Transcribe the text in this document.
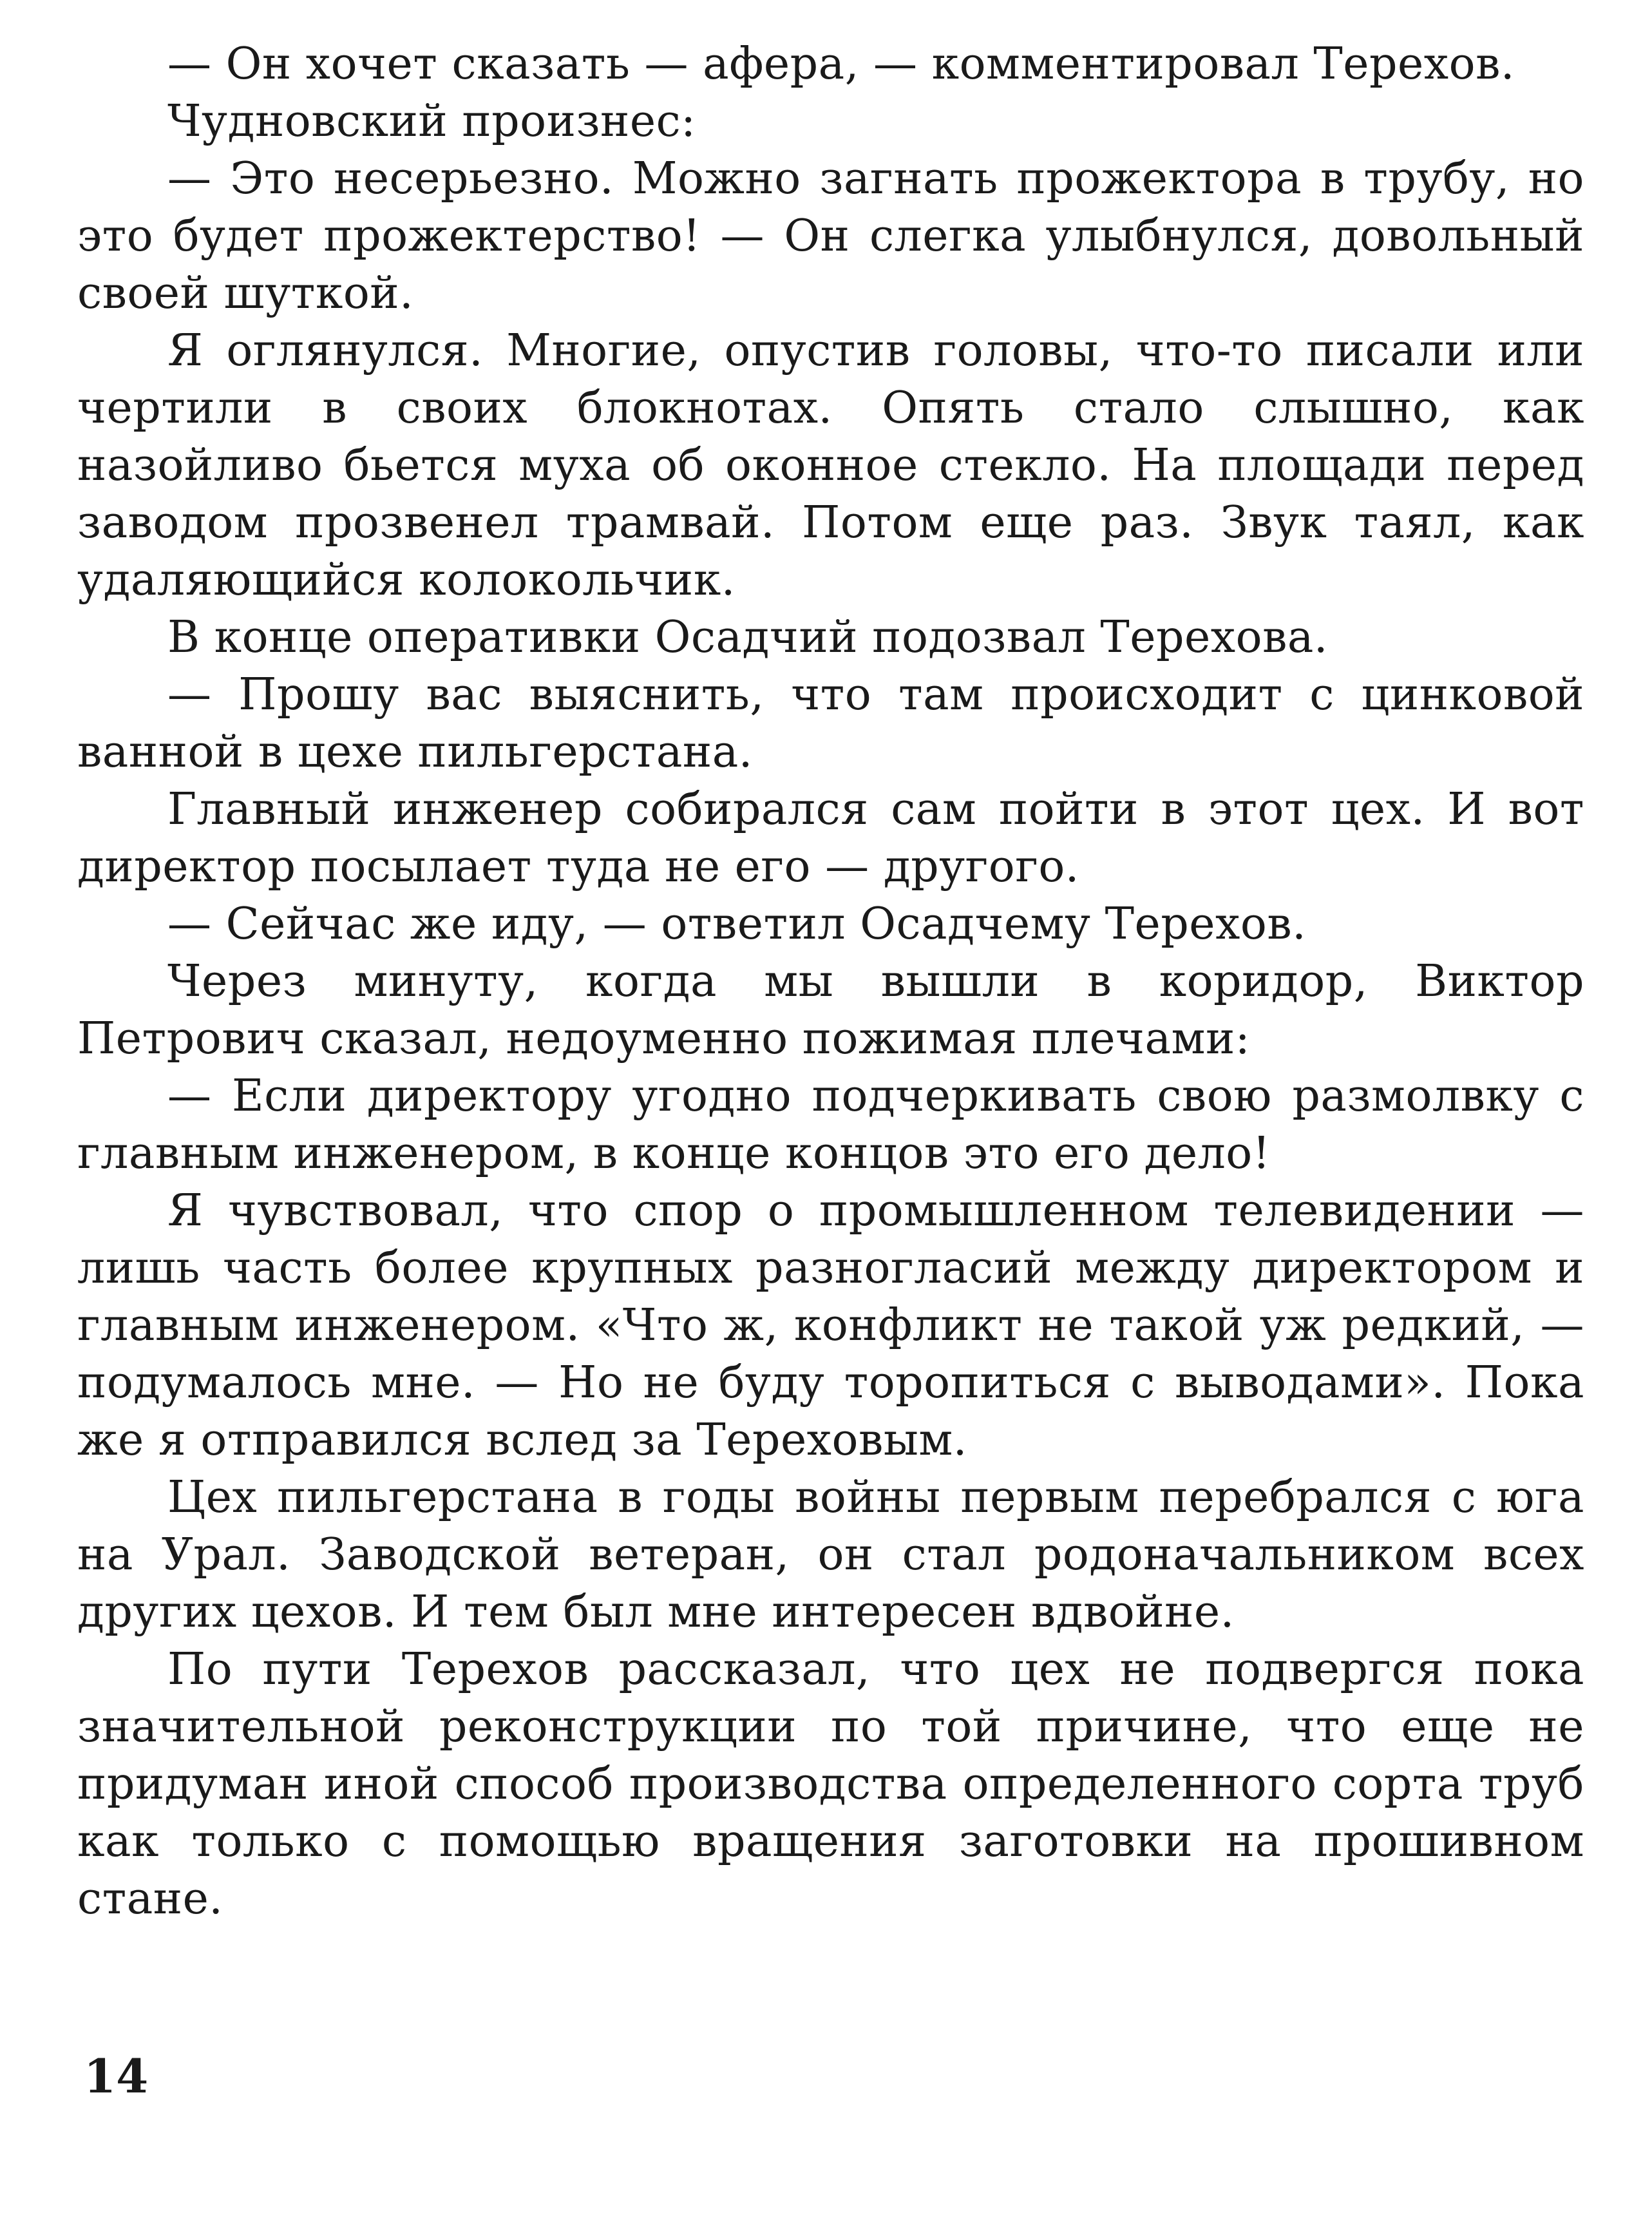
— Он хочет сказать — афера, — комментировал Терехов.

Чудновский произнес:

— Это несерьезно. Можно загнать прожектора в трубу, но это будет прожектерство! — Он слегка улыбнулся, довольный своей шуткой.

Я оглянулся. Многие, опустив головы, что-то писали или чертили в своих блокнотах. Опять стало слышно, как назойливо бьется муха об оконное стекло. На площади перед заводом прозвенел трамвай. Потом еще раз. Звук таял, как удаляющийся колокольчик.

В конце оперативки Осадчий подозвал Терехова.

— Прошу вас выяснить, что там происходит с цинковой ванной в цехе пильгерстана.

Главный инженер собирался сам пойти в этот цех. И вот директор посылает туда не его — другого.

— Сейчас же иду, — ответил Осадчему Терехов.

Через минуту, когда мы вышли в коридор, Виктор Петрович сказал, недоуменно пожимая плечами:

— Если директору угодно подчеркивать свою размолвку с главным инженером, в конце концов это его дело!

Я чувствовал, что спор о промышленном телевидении — лишь часть более крупных разногласий между директором и главным инженером. «Что ж, конфликт не такой уж редкий, — подумалось мне. — Но не буду торопиться с выводами». Пока же я отправился вслед за Тереховым.

Цех пильгерстана в годы войны первым перебрался с юга на Урал. Заводской ветеран, он стал родоначальником всех других цехов. И тем был мне интересен вдвойне.

По пути Терехов рассказал, что цех не подвергся пока значительной реконструкции по той причине, что еще не придуман иной способ производства определенного сорта труб как только с помощью вращения заготовки на прошивном стане.

14
